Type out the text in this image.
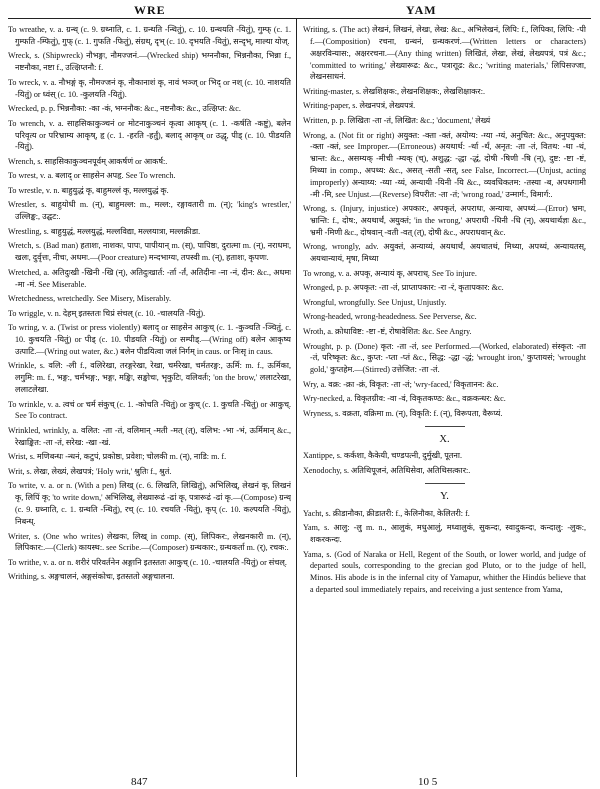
WRE	YAM
To wreathe, v. a. ग्रन्थ् (c. 9. ग्रथ्नाति, c. 1. ग्रन्थति -न्थितुं), c. 10. ग्रन्थयति -यितुं), गुम्फ् (c. 1. गुम्फति -म्फितुं), गुफ् (c. 1. गुफति -फितुं), संग्रथ्, दृभ् (c. 10. दृभयति -यितुं), सन्दृभ्, माल्या योज्.
Wreck, s. (Shipwreck) नौभङ्गः, नौमज्जनं.—(Wrecked ship) भग्ननौका, भिन्ननौका, भिन्ना f., नष्टनौका, नष्टा f., उत्क्षिप्तनौ: f.
To wreck, v. a. नौभङ्गं कृ, नौमज्जनं कृ, नौकानाशं कृ, नावं भञ्ज् or भिद् or नश् (c. 10. नाशयति -यितुं) or ध्वंस् (c. 10. -कुलयति -यितुं).
Wrecked, p. p. भिन्ननौका: -का -कं, भग्ननौक: &c., नष्टनौक: &c., उत्क्षिप्त: &c.
To wrench, v. a. साहसिकाकुञ्चनं or मोटनाकुञ्चनं कृत्वा आकृष् (c. 1. -कर्षति -कष्टुं), बलेन परिवृत्य or परिभ्राम्य आकृष्, हृ (c. 1. -हरति -हर्तुं), बलाद् आकृष् or उद्धृ, पीड् (c. 10. पीडयति -यितुं).
Wrench, s. साहसिकाकुञ्चनपूर्वम् आकर्षणं or आकर्ष:.
To wrest, v. a. बलाद् or साहसेन अपहृ. See To wrench.
To wrestle, v. n. बाहुयुद्धं कृ, बाहुमल्लं कृ, मल्लयुद्धं कृ.
Wrestler, s. बाहुयोधी m. (न्), बाहुमल्ल: m., मल्ल:, रङ्गावतारी m. (न्); 'king's wrestler,' उल्लिङ्क:, उद्घट:.
Wrestling, s. बाहुयुद्धं, मल्लयुद्धं, मल्लविद्या, मल्लयात्रा, मल्लक्रीडा.
Wretch, s. (Bad man) हताशः, नाशकः, पापः, पापीयान् m. (स्), पापिष्ठः, दुरात्मा m. (न्), नराधमः, खलः, दुर्वृत्तः, नीचः, अधमः.—(Poor creature) मन्दभाग्यः, तपस्वी m. (न्), हताशः, कृपणः.
Wretched, a. अतिदुःखी -खिनी -खि (न्), अतिदुःखार्त: -र्ता -र्तं, अतिदीनः -ना -नं, दीन: &c., अधमः -मा -मं. See Miserable.
Wretchedness, wretchedly. See Misery, Miserably.
To wriggle, v. n. देहम् इतस्ततः चिप्रं संचल् (c. 10. -चालयति -यितुं).
To wring, v. a. (Twist or press violently) बलाद् or साहसेन आकुच् (c. 1. -कुञ्चति -ञ्चितुं, c. 10. कुचयति -यितुं) or पीड् (c. 10. पीडयति -यितुं) or सम्पीड्.—(Wring off) बलेन आकृष्य उत्पाटि.—(Wring out water, &c.) बलेन पीडयित्वा जलं निर्गम् in caus. or निःसृ in caus.
Wrinkle, s. वलि: -ली f., वलिरेखा, तरङ्गरेखा, रेखा, चर्मरेखा, चर्मतरङ्ग:, ऊर्मि: m. f., ऊर्मिका, लगुमि: m. f., भङ्ग:, चर्मभङ्ग:, भङ्गः, मङ्किः, सङ्कोचः, भृकुटिः, वलिवर्तः; 'on the brow,' ललाटरेखा, ललाटलेखा.
To wrinkle, v. a. त्वचं or चर्म संकुच् (c. 1. -कोचति -चितुं) or कुच् (c. 1. कुचति -चितुं) or आकुच्. See To contract.
Wrinkled, wrinkly, a. वलित: -ता -तं, वलिमान् -मती -मत् (त्), वलिभ: -भा -भं, ऊर्मिमान् &c., रेखाङ्कित: -ता -तं, सरेख: -खा -खं.
Wrist, s. मणिबन्धः -न्धनं, कटुपं, प्रकोष्ठः, प्रवेशः; चोलकी m. (न्), नाडि: m. f.
Writ, s. लेखः, लेख्यं, लेखपत्रं; 'Holy writ,' श्रुतिः f., श्रुतं.
To write, v. a. or n. (With a pen) लिख् (c. 6. लिखति, लिखितुं), अभिलिख्, लेखनं कृ, लिखनं कृ, लिपिं कृ; 'to write down,' अभिलिख्, लेख्यारूढं -ढां कृ, पत्रारूढं -ढां कृ.—(Compose) ग्रन्थ् (c. 9. ग्रथ्नाति, c. 1. ग्रन्थति -न्थितुं), रच् (c. 10. रचयति -यितुं), कृप् (c. 10. कल्पयति -यितुं), निबन्ध्.
Writer, s. (One who writes) लेखकः, लिख् in comp. (स्), लिपिकर:, लेखनकारी m. (न्), लिपिकार:.—(Clerk) कायस्थ:. see Scribe.—(Composer) ग्रन्थकार:, ग्रन्थकर्ता m. (र्), रचक:.
To writhe, v. a. or n. शरीरं परिवर्तनेन अङ्गानि इतस्ततः आकुच् (c. 10. -चालयति -यितुं) or संचल्.
Writhing, s. अङ्गचालनं, अङ्गसंकोचः, इतस्ततो अङ्गचालना.
Writing, s. (The act) लेखनं, लिखनं, लेखः, लेख: &c., अभिलेखनं, लिपि: f., लिपिका, लिपि: -पी f.—(Composition) रचना, ग्रन्थनं, ग्रन्थकरणं.—(Written letters or characters) अक्षरविन्यास:, अक्षररचना.—(Any thing written) लिखितं, लेखः, लेखं, लेख्यपत्रं, पत्रं &c.; 'committed to writing,' लेख्यारूढ: &c., पत्राराूढ: &c.; 'writing materials,' लिपिसज्जा, लेखनसाधनं.
Writing-master, s. लेखशिक्षक:, लेखनशिक्षक:, लेखशिक्षाकर:.
Writing-paper, s. लेखनपत्रं, लेख्यपत्रं.
Written, p. p. लिखितः -ता -तं, लिखित: &c.; 'document,' लेख्यं
Wrong, a. (Not fit or right) अयुक्त: -क्ता -क्तं, अयोग्य: -ग्या -ग्यं, अनुचित: &c., अनुपयुक्त: -क्ता -क्तं, see Improper.—(Erroneous) अयथार्थ: -र्था -र्थं, अनृत: -ता -तं, वितथ: -था -थं, भ्रान्त: &c., असम्यक् -मीची -म्यक् (च्), अशुद्ध: -द्धा -द्धं, दोषी -षिणी -षि (न्), दुष्ट: -ष्टा -ष्टं, मिथ्या in comp., अपथ्य: &c., असत् -सती -सत्, see False, Incorrect.—(Unjust, acting improperly) अन्याय्य: -य्या -य्यं, अन्यायी -यिनी -यि &c., व्यवधिकतम: -तस्या -ब, अपथगामी -मी -मि, see Unjust.—(Reverse) विपरीत: -ता -तं; 'wrong road,' उन्मार्ग:, विमार्ग:.
Wrong, s. (Injury, injustice) अपकार:, अपकृतं, अपराधः, अन्यायः, अपथ्यं.—(Error) भ्रमः, भ्रान्ति: f., दोष:, अयथार्थं, अयुक्तं; 'in the wrong,' अपराधी -धिनी -धि (न्), अयथार्थज्ञः &c., भ्रमी -मिणी &c., दोषवान् -वती -वत् (त्), दोषी &c., अपराधवान् &c.
Wrong, wrongly, adv. अयुक्तं, अन्याय्यं, अयथार्थं, अयथातथं, मिथ्या, अपथ्यं, अन्यायतस्, अयथान्यायं, मृषा, मिथ्या
To wrong, v. a. अपकृ, अन्यायं कृ, अपराध्. See To injure.
Wronged, p. p. अपकृत: -ता -तं, प्राप्तापकार: -रा -रं, कृतापकार: &c.
Wrongful, wrongfully. See Unjust, Unjustly.
Wrong-headed, wrong-headedness. See Perverse, &c.
Wroth, a. क्रोधाविष्ट: -ष्टा -ष्टं, रोषावेशित: &c. See Angry.
Wrought, p. p. (Done) कृत: -ता -तं, see Performed.—(Worked, elaborated) संस्कृत: -ता -तं, परिष्कृत: &c., कुप्त: -प्ता -प्तं &c., सिद्ध: -द्धा -द्धं; 'wrought iron,' कुप्तायसं; 'wrought gold,' कुप्तहेम.—(Stirred) उत्तेजित: -ता -तं.
Wry, a. वक्र: -क्रा -क्रं, विकृत: -ता -तं; 'wry-faced,' विकृतानन: &c.
Wry-necked, a. विकृतग्रीव: -वा -वं, विकृतकण्ठ: &c., वक्रकन्धर: &c.
Wryness, s. वक्रता, वक्रिमा m. (न्), विकृति: f. (न्), विरूपता, वैरूप्यं.
X.
Xantippe, s. कर्कशा, कैकेयी, चण्डपत्नी, दुर्मुखी, पूतना.
Xenodochy, s. अतिथिपूजनं, अतिथिसेवा, अतिथिसत्कार:.
Y.
Yacht, s. क्रीडानौका, क्रीडातरी: f., केलिनौका, केलितरी: f.
Yam, s. आलु: -लु m. n., आलुकं, मधुआलुं, मध्वालुकं, सुकन्दः, स्वादुकन्दः, कन्दालु: -लुक:, शकरकन्दः.
Yama, s. (God of Naraka or Hell, Regent of the South, or lower world, and judge of departed souls, corresponding to the grecian god Pluto, or to the judge of hell, Minos. His abode is in the infernal city of Yamapur, whither the Hindús believe that a departed soul immediately repairs, and receiving a just sentence from Yama,
847	10 5
